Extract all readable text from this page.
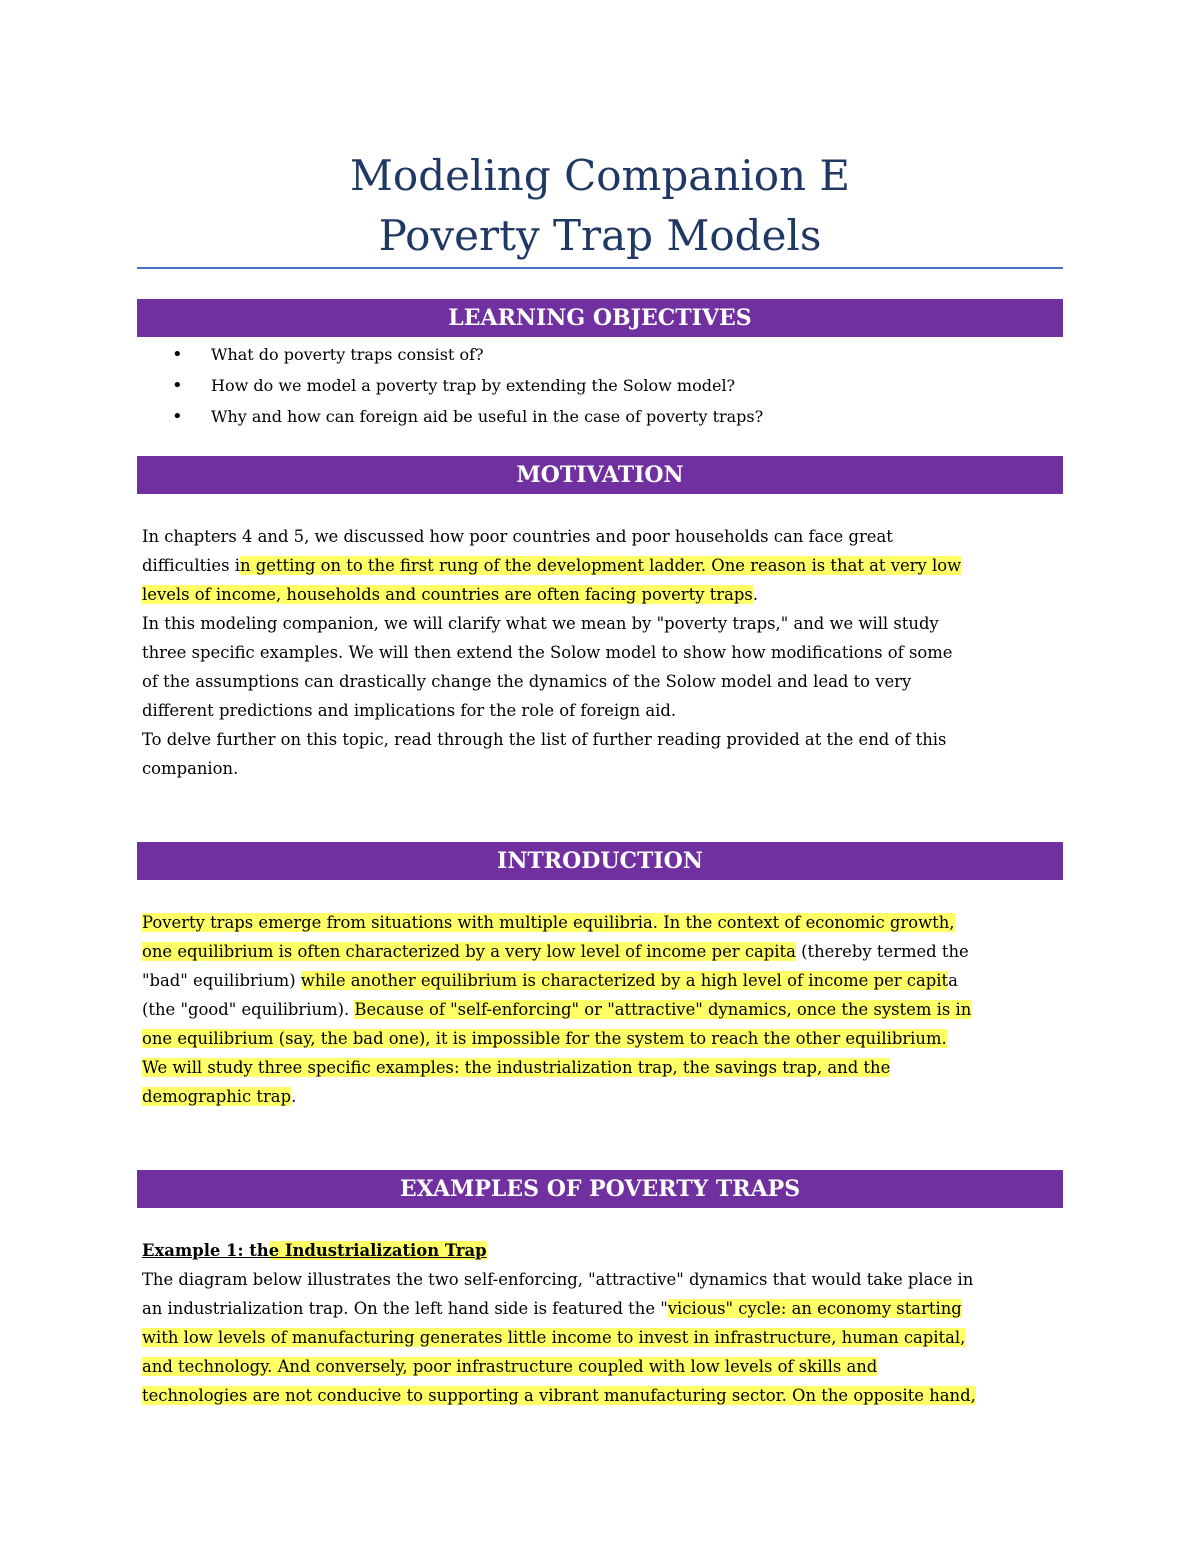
Modeling Companion E
Poverty Trap Models
LEARNING OBJECTIVES
• What do poverty traps consist of?
• How do we model a poverty trap by extending the Solow model?
• Why and how can foreign aid be useful in the case of poverty traps?
MOTIVATION
In chapters 4 and 5, we discussed how poor countries and poor households can face great
difficulties in getting on to the first rung of the development ladder. One reason is that at very low
levels of income, households and countries are often facing poverty traps.
In this modeling companion, we will clarify what we mean by "poverty traps," and we will study
three specific examples. We will then extend the Solow model to show how modifications of some
of the assumptions can drastically change the dynamics of the Solow model and lead to very
different predictions and implications for the role of foreign aid.
To delve further on this topic, read through the list of further reading provided at the end of this
companion.
INTRODUCTION
Poverty traps emerge from situations with multiple equilibria. In the context of economic growth,
one equilibrium is often characterized by a very low level of income per capita (thereby termed the
"bad" equilibrium) while another equilibrium is characterized by a high level of income per capita
(the "good" equilibrium). Because of "self-enforcing" or "attractive" dynamics, once the system is in
one equilibrium (say, the bad one), it is impossible for the system to reach the other equilibrium.
We will study three specific examples: the industrialization trap, the savings trap, and the
demographic trap.
EXAMPLES OF POVERTY TRAPS
Example 1: the Industrialization Trap
The diagram below illustrates the two self-enforcing, "attractive" dynamics that would take place in
an industrialization trap. On the left hand side is featured the "vicious" cycle: an economy starting
with low levels of manufacturing generates little income to invest in infrastructure, human capital,
and technology. And conversely, poor infrastructure coupled with low levels of skills and
technologies are not conducive to supporting a vibrant manufacturing sector. On the opposite hand,
